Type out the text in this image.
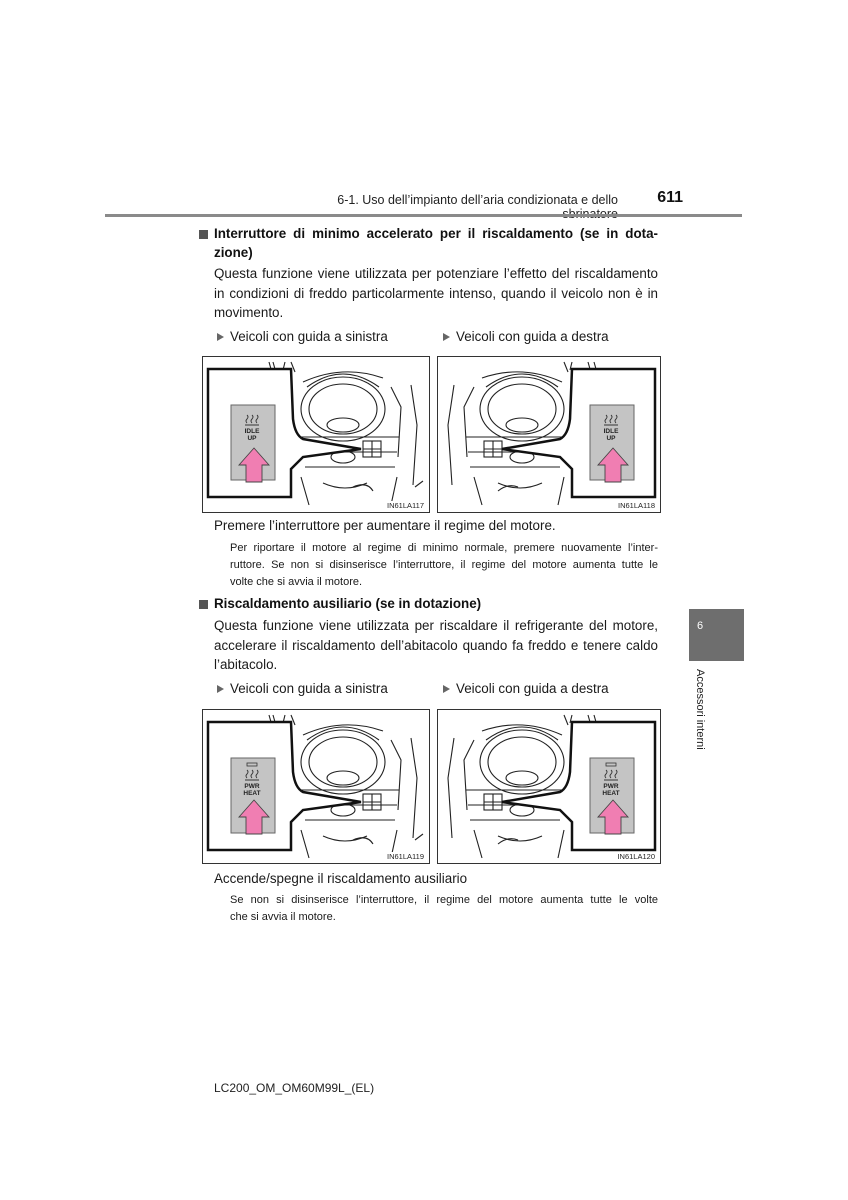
6-1. Uso dell’impianto dell’aria condizionata e dello	611
Interruttore di minimo accelerato per il riscaldamento (se in dota-
zione)
Questa funzione viene utilizzata per potenziare l’effetto del riscaldamento
in condizioni di freddo particolarmente intenso, quando il veicolo non è in
movimento.
Veicoli con guida a sinistra	Veicoli con guida a destra
IDLE
UP
IN61LA117
IDLE
UP
IN61LA118
Premere l’interruttore per aumentare il regime del motore.
Per riportare il motore al regime di minimo normale, premere nuovamente l’inter-
ruttore. Se non si disinserisce l’interruttore, il regime del motore aumenta tutte le
volte che si avvia il motore.
Riscaldamento ausiliario (se in dotazione)
Questa funzione viene utilizzata per riscaldare il refrigerante del motore,
accelerare il riscaldamento dell’abitacolo quando fa freddo e tenere caldo
l’abitacolo.
Veicoli con guida a sinistra	Veicoli con guida a destra
PWR
HEAT
IN61LA119
PWR
HEAT
IN61LA120
Accende/spegne il riscaldamento ausiliario
Se non si disinserisce l’interruttore, il regime del motore aumenta tutte le volte
che si avvia il motore.
6
Accessori interni
LC200_OM_OM60M99L_(EL)
